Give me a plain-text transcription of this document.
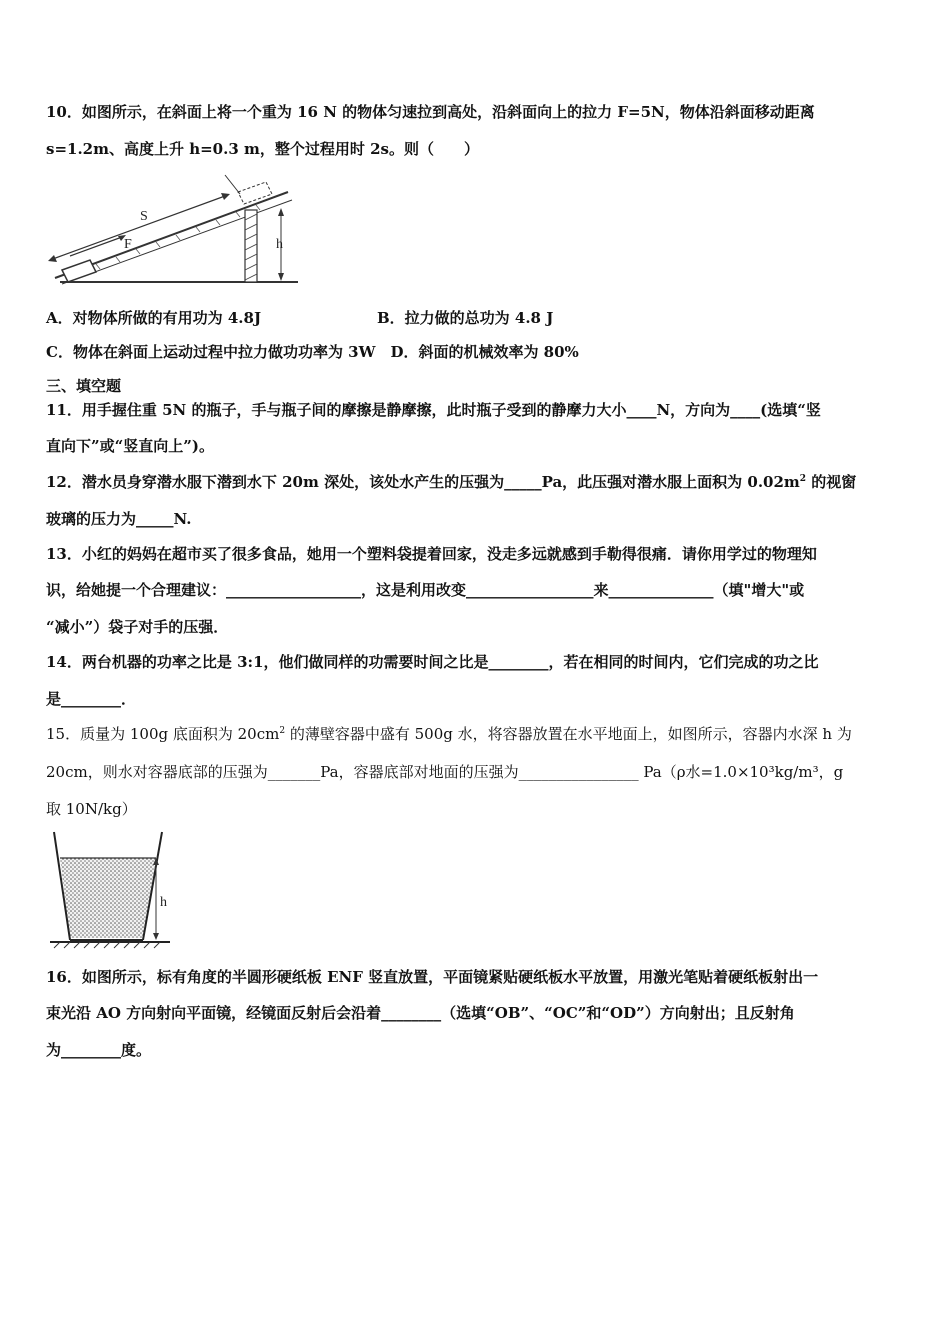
10．如图所示，在斜面上将一个重为 16 N 的物体匀速拉到高处，沿斜面向上的拉力 F=5N，物体沿斜面移动距离
s=1.2m、高度上升 h=0.3 m，整个过程用时 2s。则（　　）
F
S
h
A．对物体所做的有用功为 4.8J	B．拉力做的总功为 4.8 J
C．物体在斜面上运动过程中拉力做功功率为 3W　D．斜面的机械效率为 80%
三、填空题
11．用手握住重 5N 的瓶子，手与瓶子间的摩擦是静摩擦，此时瓶子受到的静摩力大小____N，方向为____(选填“竖
直向下”或“竖直向上”)。
12．潜水员身穿潜水服下潜到水下 20m 深处，该处水产生的压强为_____Pa，此压强对潜水服上面积为 $0.02m^2$ 的视窗
玻璃的压力为_____N.
13．小红的妈妈在超市买了很多食品，她用一个塑料袋提着回家，没走多远就感到手勒得很痛．请你用学过的物理知
识，给她提一个合理建议：__________________，这是利用改变_________________来______________（填"增大"或
“减小”）袋子对手的压强．
14．两台机器的功率之比是 3:1，他们做同样的功需要时间之比是________，若在相同的时间内，它们完成的功之比
是________．
15．质量为 100g 底面积为 $20cm^2$ 的薄壁容器中盛有 500g 水，将容器放置在水平地面上，如图所示，容器内水深 h 为
20cm，则水对容器底部的压强为_______Pa，容器底部对地面的压强为________________ Pa（ρ水=1.0×10³kg/m³，g
取 10N/kg）
h
16．如图所示，标有角度的半圆形硬纸板 ENF 竖直放置，平面镜紧贴硬纸板水平放置，用激光笔贴着硬纸板射出一
束光沿 AO 方向射向平面镜，经镜面反射后会沿着________（选填“OB”、“OC”和“OD”）方向射出；且反射角
为________度。
